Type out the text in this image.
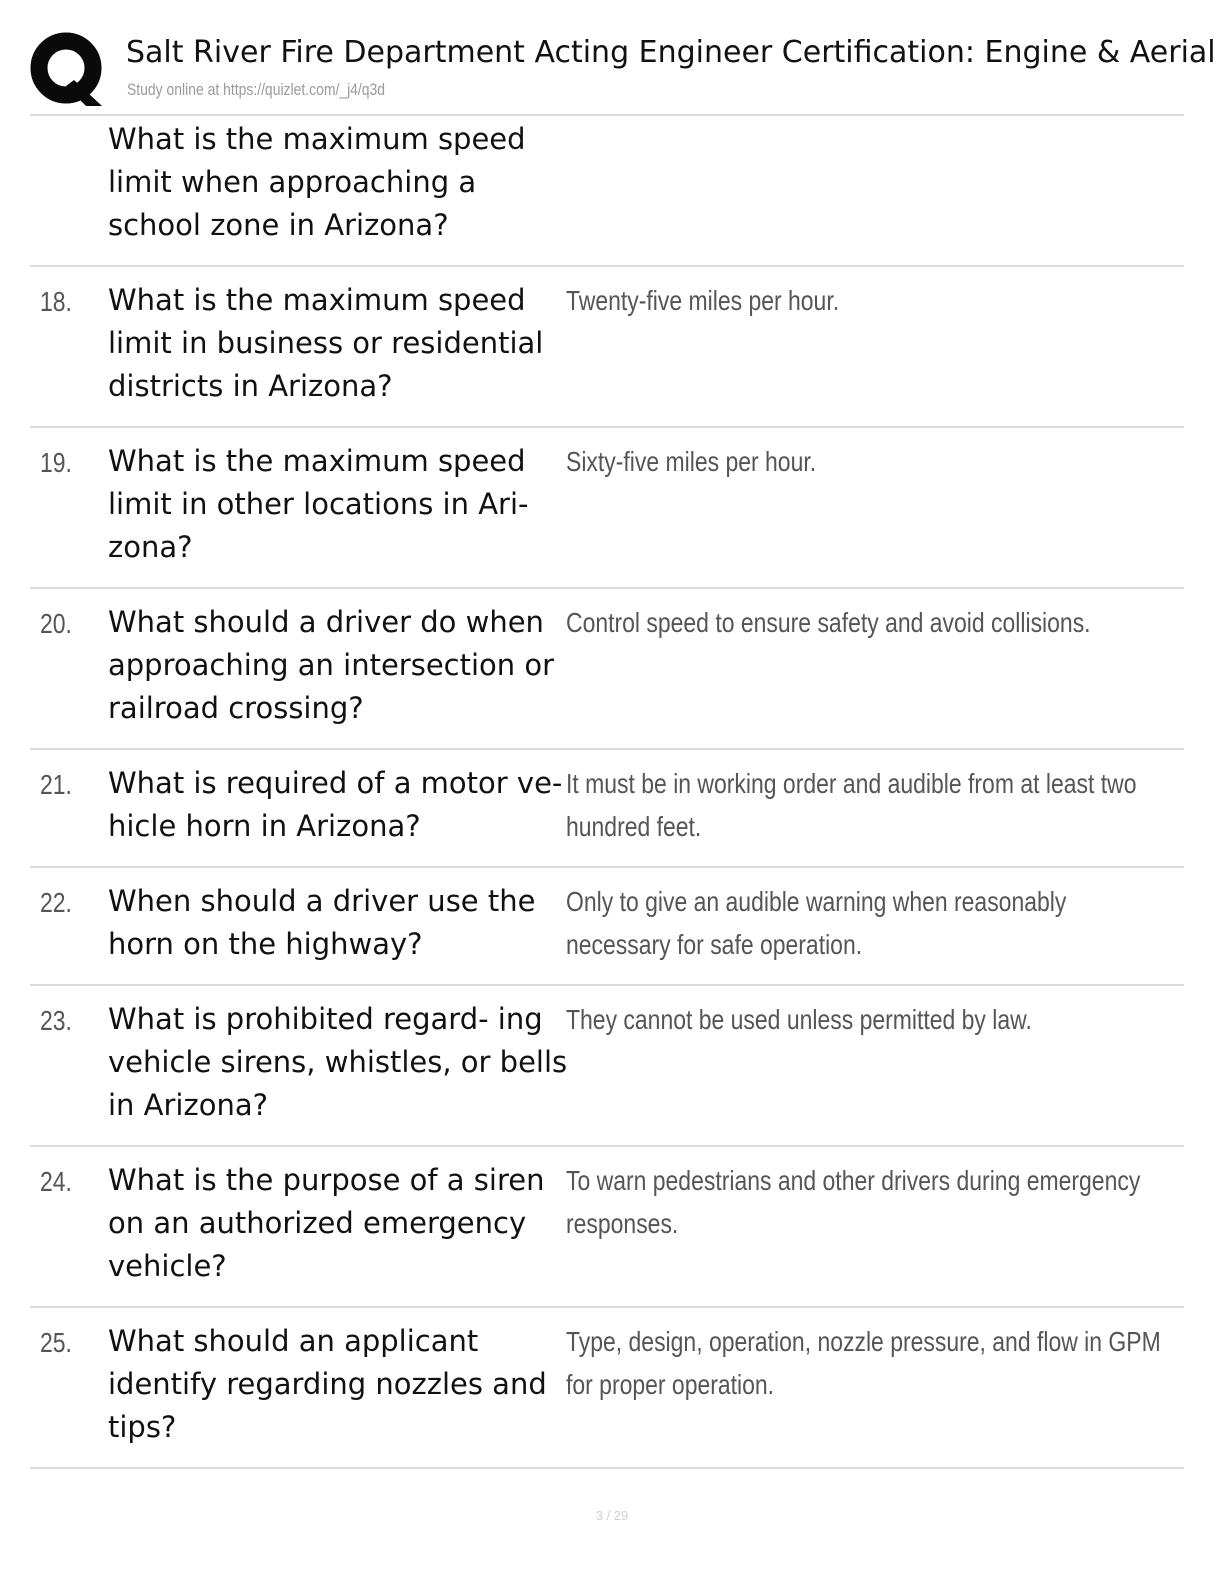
Salt River Fire Department Acting Engineer Certification: Engine & Aerial
Study online at https://quizlet.com/_j4/q3d
What is the maximum speed limit when approaching a school zone in Arizona?
18. What is the maximum speed limit in business or residential districts in Arizona?
Twenty-five miles per hour.
19. What is the maximum speed limit in other locations in Ari- zona?
Sixty-five miles per hour.
20. What should a driver do when approaching an intersection or railroad crossing?
Control speed to ensure safety and avoid collisions.
21. What is required of a motor ve- hicle horn in Arizona?
It must be in working order and audible from at least two hundred feet.
22. When should a driver use the horn on the highway?
Only to give an audible warning when reasonably necessary for safe operation.
23. What is prohibited regard- ing vehicle sirens, whistles, or bells in Arizona?
They cannot be used unless permitted by law.
24. What is the purpose of a siren on an authorized emergency vehicle?
To warn pedestrians and other drivers during emergency responses.
25. What should an applicant identify regarding nozzles and tips?
Type, design, operation, nozzle pressure, and flow in GPM for proper operation.
3 / 29
